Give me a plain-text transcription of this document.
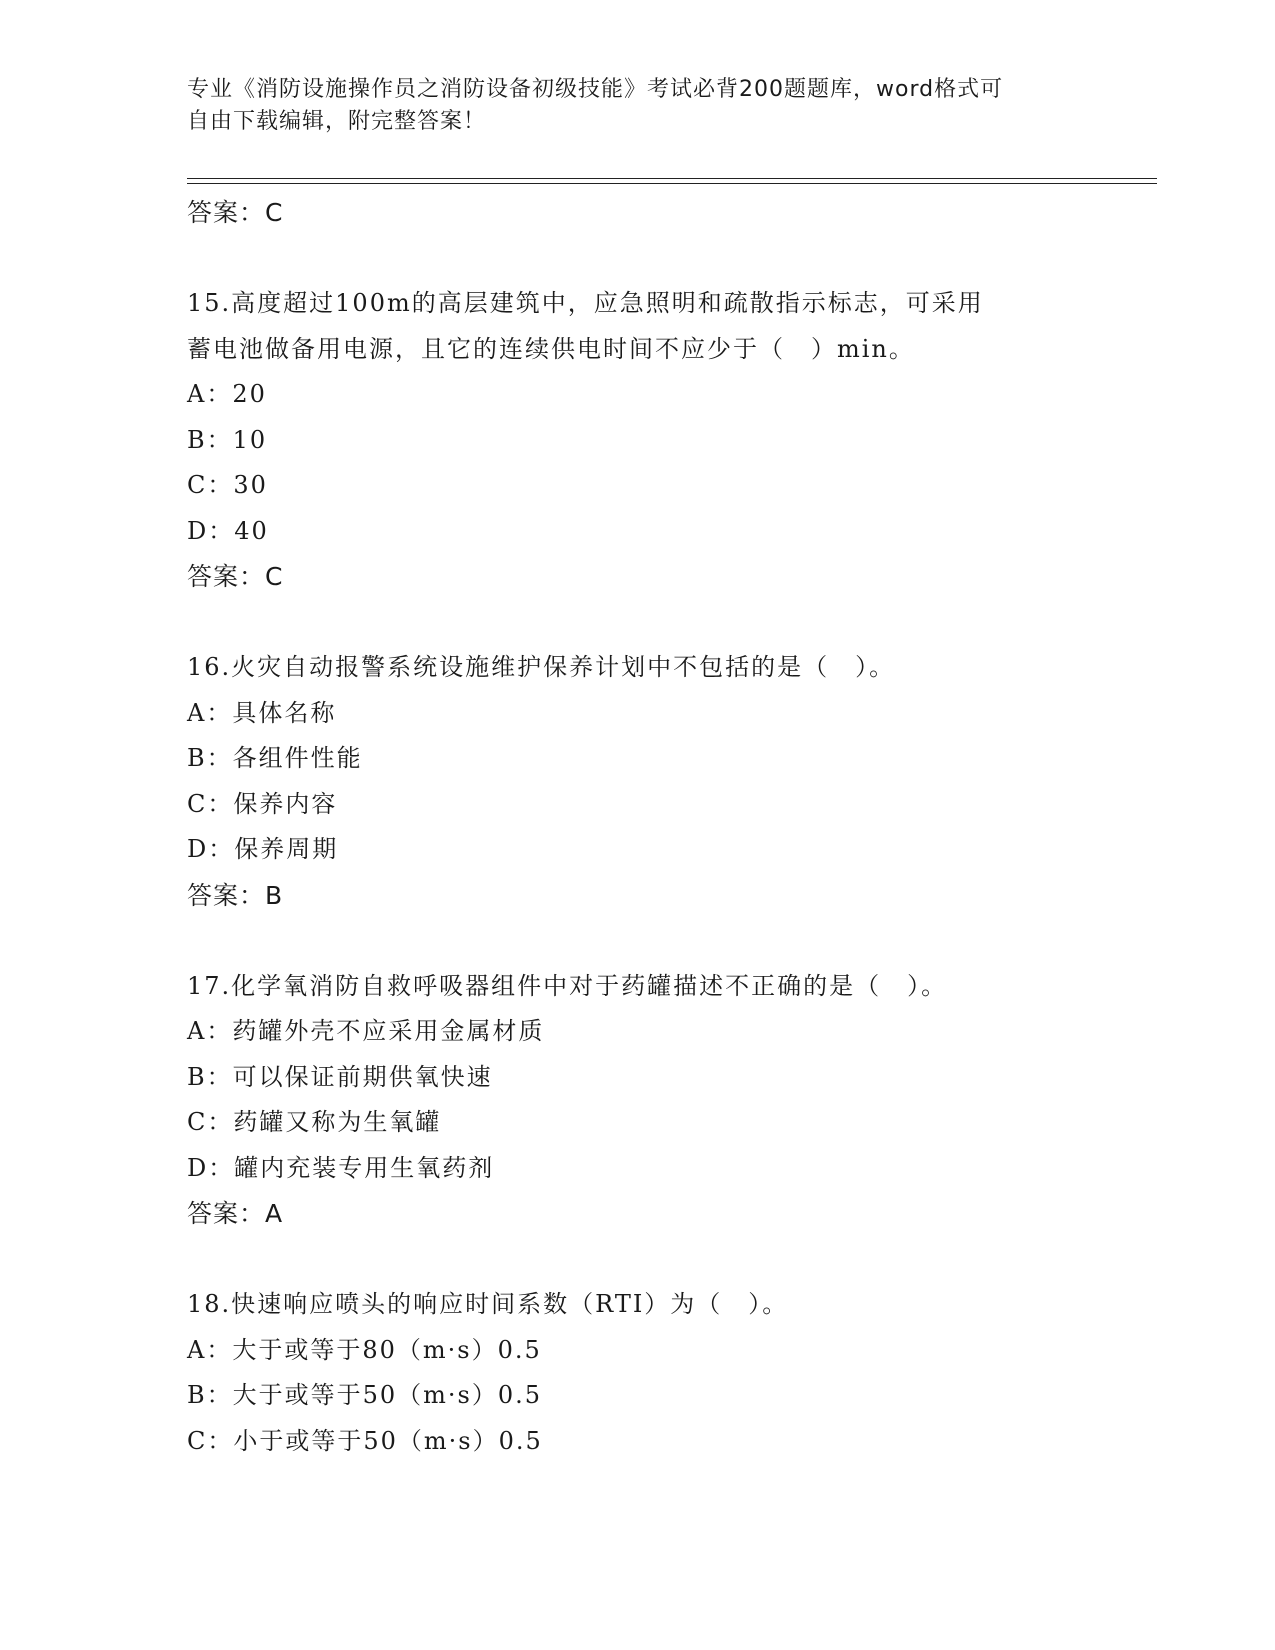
专业《消防设施操作员之消防设备初级技能》考试必背200题题库，word格式可
自由下载编辑，附完整答案！
答案：C
15.高度超过100m的高层建筑中，应急照明和疏散指示标志，可采用
蓄电池做备用电源，且它的连续供电时间不应少于（　）min。
A：20
B：10
C：30
D：40
答案：C
16.火灾自动报警系统设施维护保养计划中不包括的是（　）。
A：具体名称
B：各组件性能
C：保养内容
D：保养周期
答案：B
17.化学氧消防自救呼吸器组件中对于药罐描述不正确的是（　）。
A：药罐外壳不应采用金属材质
B：可以保证前期供氧快速
C：药罐又称为生氧罐
D：罐内充装专用生氧药剂
答案：A
18.快速响应喷头的响应时间系数（RTI）为（　）。
A：大于或等于80（m·s）0.5
B：大于或等于50（m·s）0.5
C：小于或等于50（m·s）0.5
